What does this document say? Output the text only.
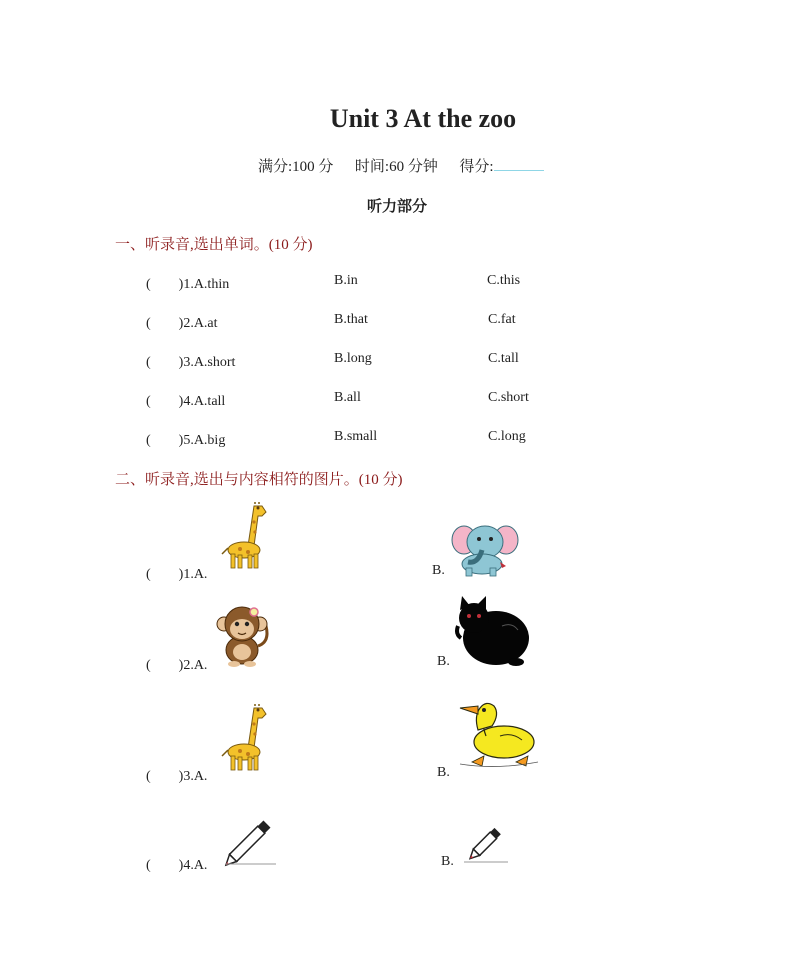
Unit 3 At the zoo
满分:100 分 时间:60 分钟 得分:
听力部分
一、听录音,选出单词。(10 分)
(　　)1.A.thin	B.in	C.this
(　　)2.A.at	B.that	C.fat
(　　)3.A.short	B.long	C.tall
(　　)4.A.tall	B.all	C.short
(　　)5.A.big	B.small	C.long
二、听录音,选出与内容相符的图片。(10 分)
(　　)1.A.	B.
(　　)2.A.	B.
(　　)3.A.	B.
(　　)4.A.	B.
